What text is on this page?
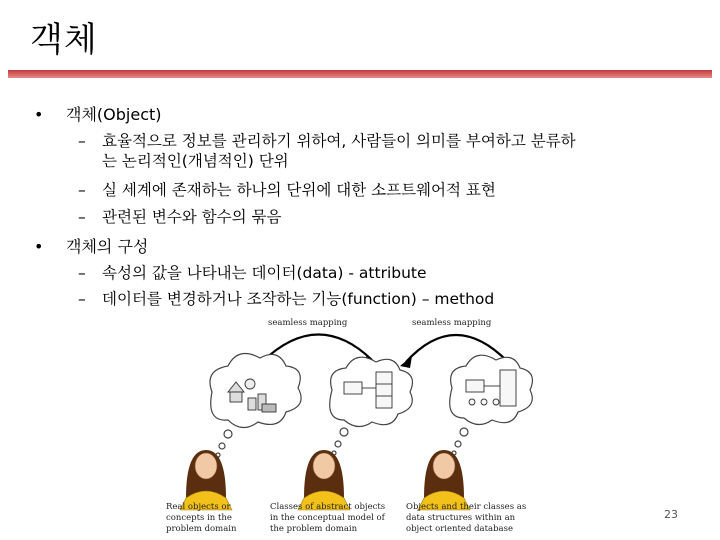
객체
• 객체(Object)
– 효율적으로 정보를 관리하기 위하여, 사람들이 의미를 부여하고 분류하
는 논리적인(개념적인) 단위
– 실 세계에 존재하는 하나의 단위에 대한 소프트웨어적 표현
– 관련된 변수와 함수의 묶음
• 객체의 구성
– 속성의 값을 나타내는 데이터(data) - attribute
– 데이터를 변경하거나 조작하는 기능(function) – method
seamless mapping	seamless mapping
Real objects or
concepts in the
problem domain
Classes of abstract objects
in the conceptual model of
the problem domain
Objects and their classes as
data structures within an
object oriented database
23
